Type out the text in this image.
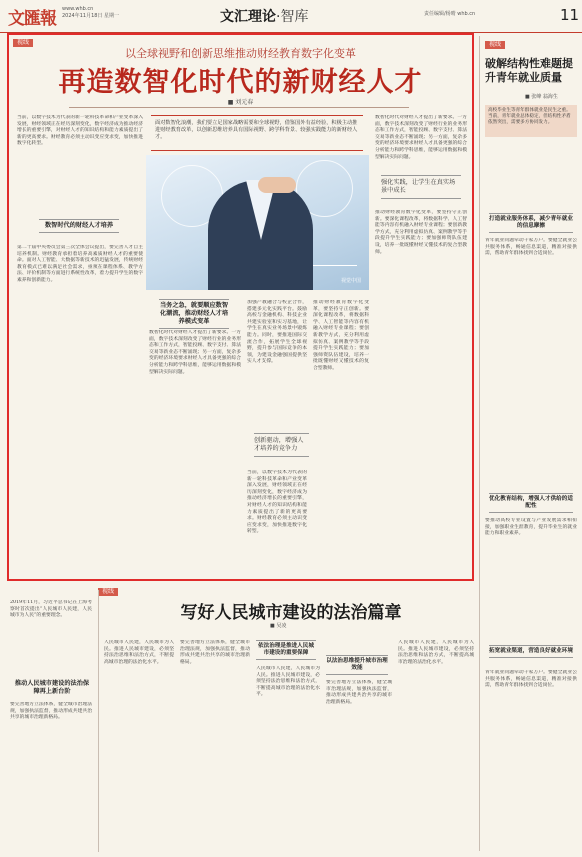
文匯報 www.whb.cn
2024年11月18日 星期一	文汇理论·智库	责任编辑/杨晴 whb.cn	11
视线
以全球视野和创新思维推动财经教育数字化变革
再造数智化时代的新财经人才
■ 刘元春
面对数智化浪潮，我们要立足国家战略需要和全球视野，借鉴国外有益经验，积极主动推进财经教育改革，以创新思维培养具有国际视野、跨学科背景、较强实践能力的新财经人才。
视觉中国
当前，以数字技术为代表的新一轮科技革命和产业变革深入发展，财经领域正在经历深刻变化，数字经济成为推动经济增长的重要引擎，对财经人才的知识结构和能力素质提出了新的更高要求。财经教育必须主动识变应变求变，加快推进数字化转型。
数智时代的财经人才培养
第二十届中央委员会第三次全体会议提出，要完善人才自主培养机制。财经教育承担着培养高素质财经人才的重要使命。面对人工智能、大数据等新技术的迅猛发展，传统财经教育模式已难以满足社会需求，亟须在课程体系、教学方法、评价机制等方面进行系统性改革，着力提升学生的数字素养和创新能力。
数智化时代对财经人才提出了新要求。一方面，数字技术深刻改变了财经行业的业务形态和工作方式，智能投顾、数字支付、算法交易等新业态不断涌现；另一方面，复杂多变的经济环境要求财经人才具备更强的综合分析能力和跨学科思维，能够运用数据和模型解决实际问题。
强化实践，让学生在真实场景中成长
推动财经教育数字化变革，要坚持守正创新。要深化课程改革，将数据科学、人工智能等内容有机融入财经专业课程；要创新教学方式，充分利用虚拟仿真、案例教学等手段提升学生实践能力；要加强师资队伍建设，培养一批既懂财经又懂技术的复合型教师。
当务之急，就要顺应数智化潮流，推动财经人才培养模式变革
数智化时代对财经人才提出了新要求。一方面，数字技术深刻改变了财经行业的业务形态和工作方式，智能投顾、数字支付、算法交易等新业态不断涌现；另一方面，复杂多变的经济环境要求财经人才具备更强的综合分析能力和跨学科思维，能够运用数据和模型解决实际问题。
加强产教融合与校企合作，搭建多元化实践平台。鼓励高校与金融机构、科技企业共建实验室和实习基地，让学生在真实业务场景中锻炼能力。同时，要推进国际交流合作，拓展学生全球视野，提升参与国际竞争的本领，为建设金融强国提供坚实人才支撑。
创新驱动，增强人才培养的竞争力
当前，以数字技术为代表的新一轮科技革命和产业变革深入发展，财经领域正在经历深刻变化，数字经济成为推动经济增长的重要引擎，对财经人才的知识结构和能力素质提出了新的更高要求。财经教育必须主动识变应变求变，加快推进数字化转型。
推动财经教育数字化变革，要坚持守正创新。要深化课程改革，将数据科学、人工智能等内容有机融入财经专业课程；要创新教学方式，充分利用虚拟仿真、案例教学等手段提升学生实践能力；要加强师资队伍建设，培养一批既懂财经又懂技术的复合型教师。
视线
破解结构性难题提升青年就业质量
■ 张峰 翁海生
高校毕业生等青年群体就业是民生之重。当前，青年就业总体稳定，但结构性矛盾依然突出，需要多方协同发力。
打造就业服务体系，减少青年就业的信息摩擦
青年就业问题牵动千家万户。要健全就业公共服务体系，畅通信息渠道，精准对接供需，帮助青年群体找到合适岗位。
优化教育结构，增强人才供给的适配性
要推动高校专业设置与产业发展需求相衔接，加强职业生涯教育，提升毕业生的就业能力和职业素养。
拓宽就业渠道，营造良好就业环境
青年就业问题牵动千家万户。要健全就业公共服务体系，畅通信息渠道，精准对接供需，帮助青年群体找到合适岗位。
视线
写好人民城市建设的法治篇章
■ 吴凌
2019年11月，习近平总书记在上海考察时首次提出“人民城市人民建，人民城市为人民”的重要理念。
推动人民城市建设的法治保障再上新台阶
要完善地方立法体系，健全城市治理法规，加强执法监督，推动形成共建共治共享的城市治理新格局。
人民城市人民建，人民城市为人民。推进人民城市建设，必须坚持法治思维和法治方式，不断提高城市治理的法治化水平。
要完善地方立法体系，健全城市治理法规，加强执法监督，推动形成共建共治共享的城市治理新格局。
依法治理是推进人民城市建设的重要保障
人民城市人民建，人民城市为人民。推进人民城市建设，必须坚持法治思维和法治方式，不断提高城市治理的法治化水平。
以法治思维提升城市治理效能
要完善地方立法体系，健全城市治理法规，加强执法监督，推动形成共建共治共享的城市治理新格局。
人民城市人民建，人民城市为人民。推进人民城市建设，必须坚持法治思维和法治方式，不断提高城市治理的法治化水平。
